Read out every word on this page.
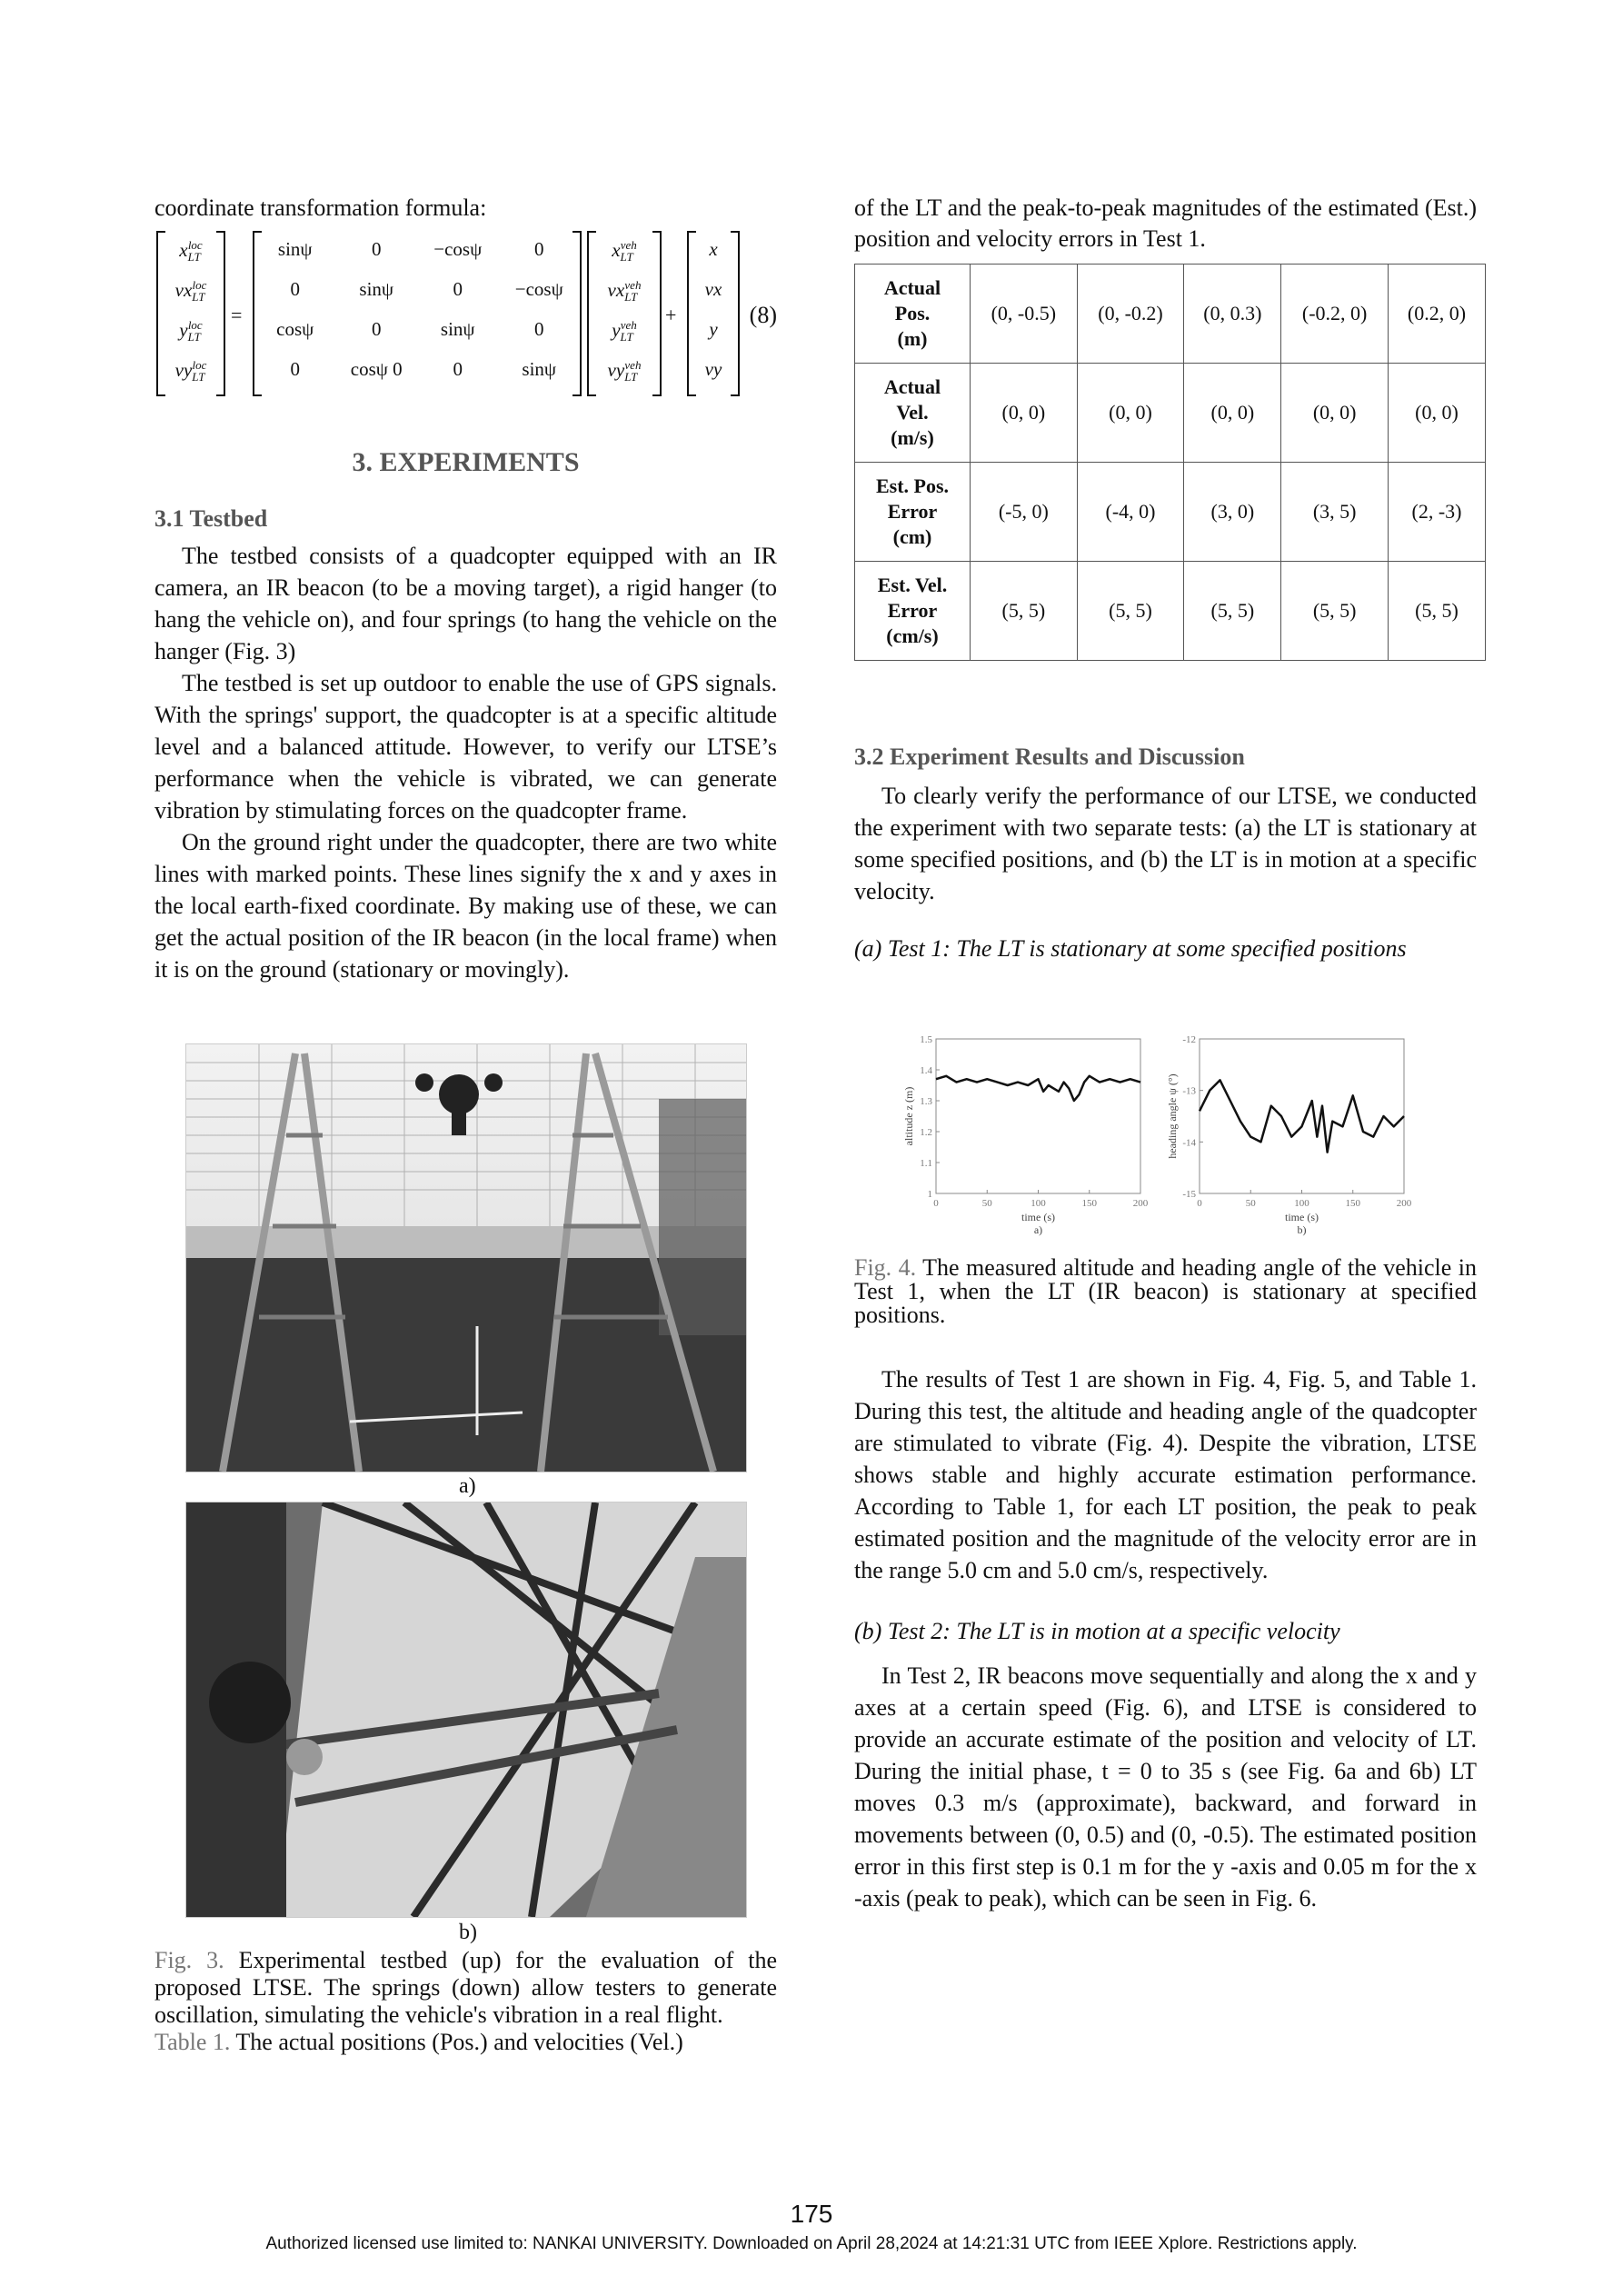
coordinate transformation formula:

$x_{LT}^{loc}$
$vx_{LT}^{loc}$
$y_{LT}^{loc}$
$vy_{LT}^{loc}$
=
sinψ	0	−cosψ	0
0	sinψ	0	−cosψ
cosψ	0	sinψ	0
0	cosψ 0	0	sinψ
$x_{LT}^{veh}$
$vx_{LT}^{veh}$
$y_{LT}^{veh}$
$vy_{LT}^{veh}$
+
x
vx
y
vy
(8)
3. EXPERIMENTS
3.1 Testbed

The testbed consists of a quadcopter equipped with an IR camera, an IR beacon (to be a moving target), a rigid hanger (to hang the vehicle on), and four springs (to hang the vehicle on the hanger (Fig. 3)

The testbed is set up outdoor to enable the use of GPS signals. With the springs' support, the quadcopter is at a specific altitude level and a balanced attitude. However, to verify our LTSE’s performance when the vehicle is vibrated, we can generate vibration by stimulating forces on the quadcopter frame.

On the ground right under the quadcopter, there are two white lines with marked points. These lines signify the x and y axes in the local earth-fixed coordinate. By making use of these, we can get the actual position of the IR beacon (in the local frame) when it is on the ground (stationary or movingly).

a)
b)

Fig. 3. Experimental testbed (up) for the evaluation of the proposed LTSE. The springs (down) allow testers to generate oscillation, simulating the vehicle's vibration in a real flight.

Table 1. The actual positions (Pos.) and velocities (Vel.)

of the LT and the peak-to-peak magnitudes of the estimated (Est.) position and velocity errors in Test 1.

Actual
Pos.
(m)	(0, -0.5)	(0, -0.2)	(0, 0.3)	(-0.2, 0)	(0.2, 0)

Actual
Vel.
(m/s)	(0, 0)	(0, 0)	(0, 0)	(0, 0)	(0, 0)

Est. Pos.
Error
(cm)	(-5, 0)	(-4, 0)	(3, 0)	(3, 5)	(2, -3)

Est. Vel.
Error
(cm/s)	(5, 5)	(5, 5)	(5, 5)	(5, 5)	(5, 5)
3.2 Experiment Results and Discussion

To clearly verify the performance of our LTSE, we conducted the experiment with two separate tests: (a) the LT is stationary at some specified positions, and (b) the LT is in motion at a specific velocity.

(a) Test 1: The LT is stationary at some specified positions

0	50	100	150	200
1
1.1
1.2
1.3
1.4
1.5
time (s)
a)
altitude z (m)
0	50	100	150	200
-12
-13
-14
-15
time (s)
b)
heading angle ψ (°)

Fig. 4. The measured altitude and heading angle of the vehicle in Test 1, when the LT (IR beacon) is stationary at specified positions.

The results of Test 1 are shown in Fig. 4, Fig. 5, and Table 1. During this test, the altitude and heading angle of the quadcopter are stimulated to vibrate (Fig. 4). Despite the vibration, LTSE shows stable and highly accurate estimation performance. According to Table 1, for each LT position, the peak to peak estimated position and the magnitude of the velocity error are in the range 5.0 cm and 5.0 cm/s, respectively.

(b) Test 2: The LT is in motion at a specific velocity

In Test 2, IR beacons move sequentially and along the x and y axes at a certain speed (Fig. 6), and LTSE is considered to provide an accurate estimate of the position and velocity of LT. During the initial phase, t = 0 to 35 s (see Fig. 6a and 6b) LT moves 0.3 m/s (approximate), backward, and forward in movements between (0, 0.5) and (0, -0.5). The estimated position error in this first step is 0.1 m for the y -axis and 0.05 m for the x -axis (peak to peak), which can be seen in Fig. 6.

175
Authorized licensed use limited to: NANKAI UNIVERSITY. Downloaded on April 28,2024 at 14:21:31 UTC from IEEE Xplore. Restrictions apply.
